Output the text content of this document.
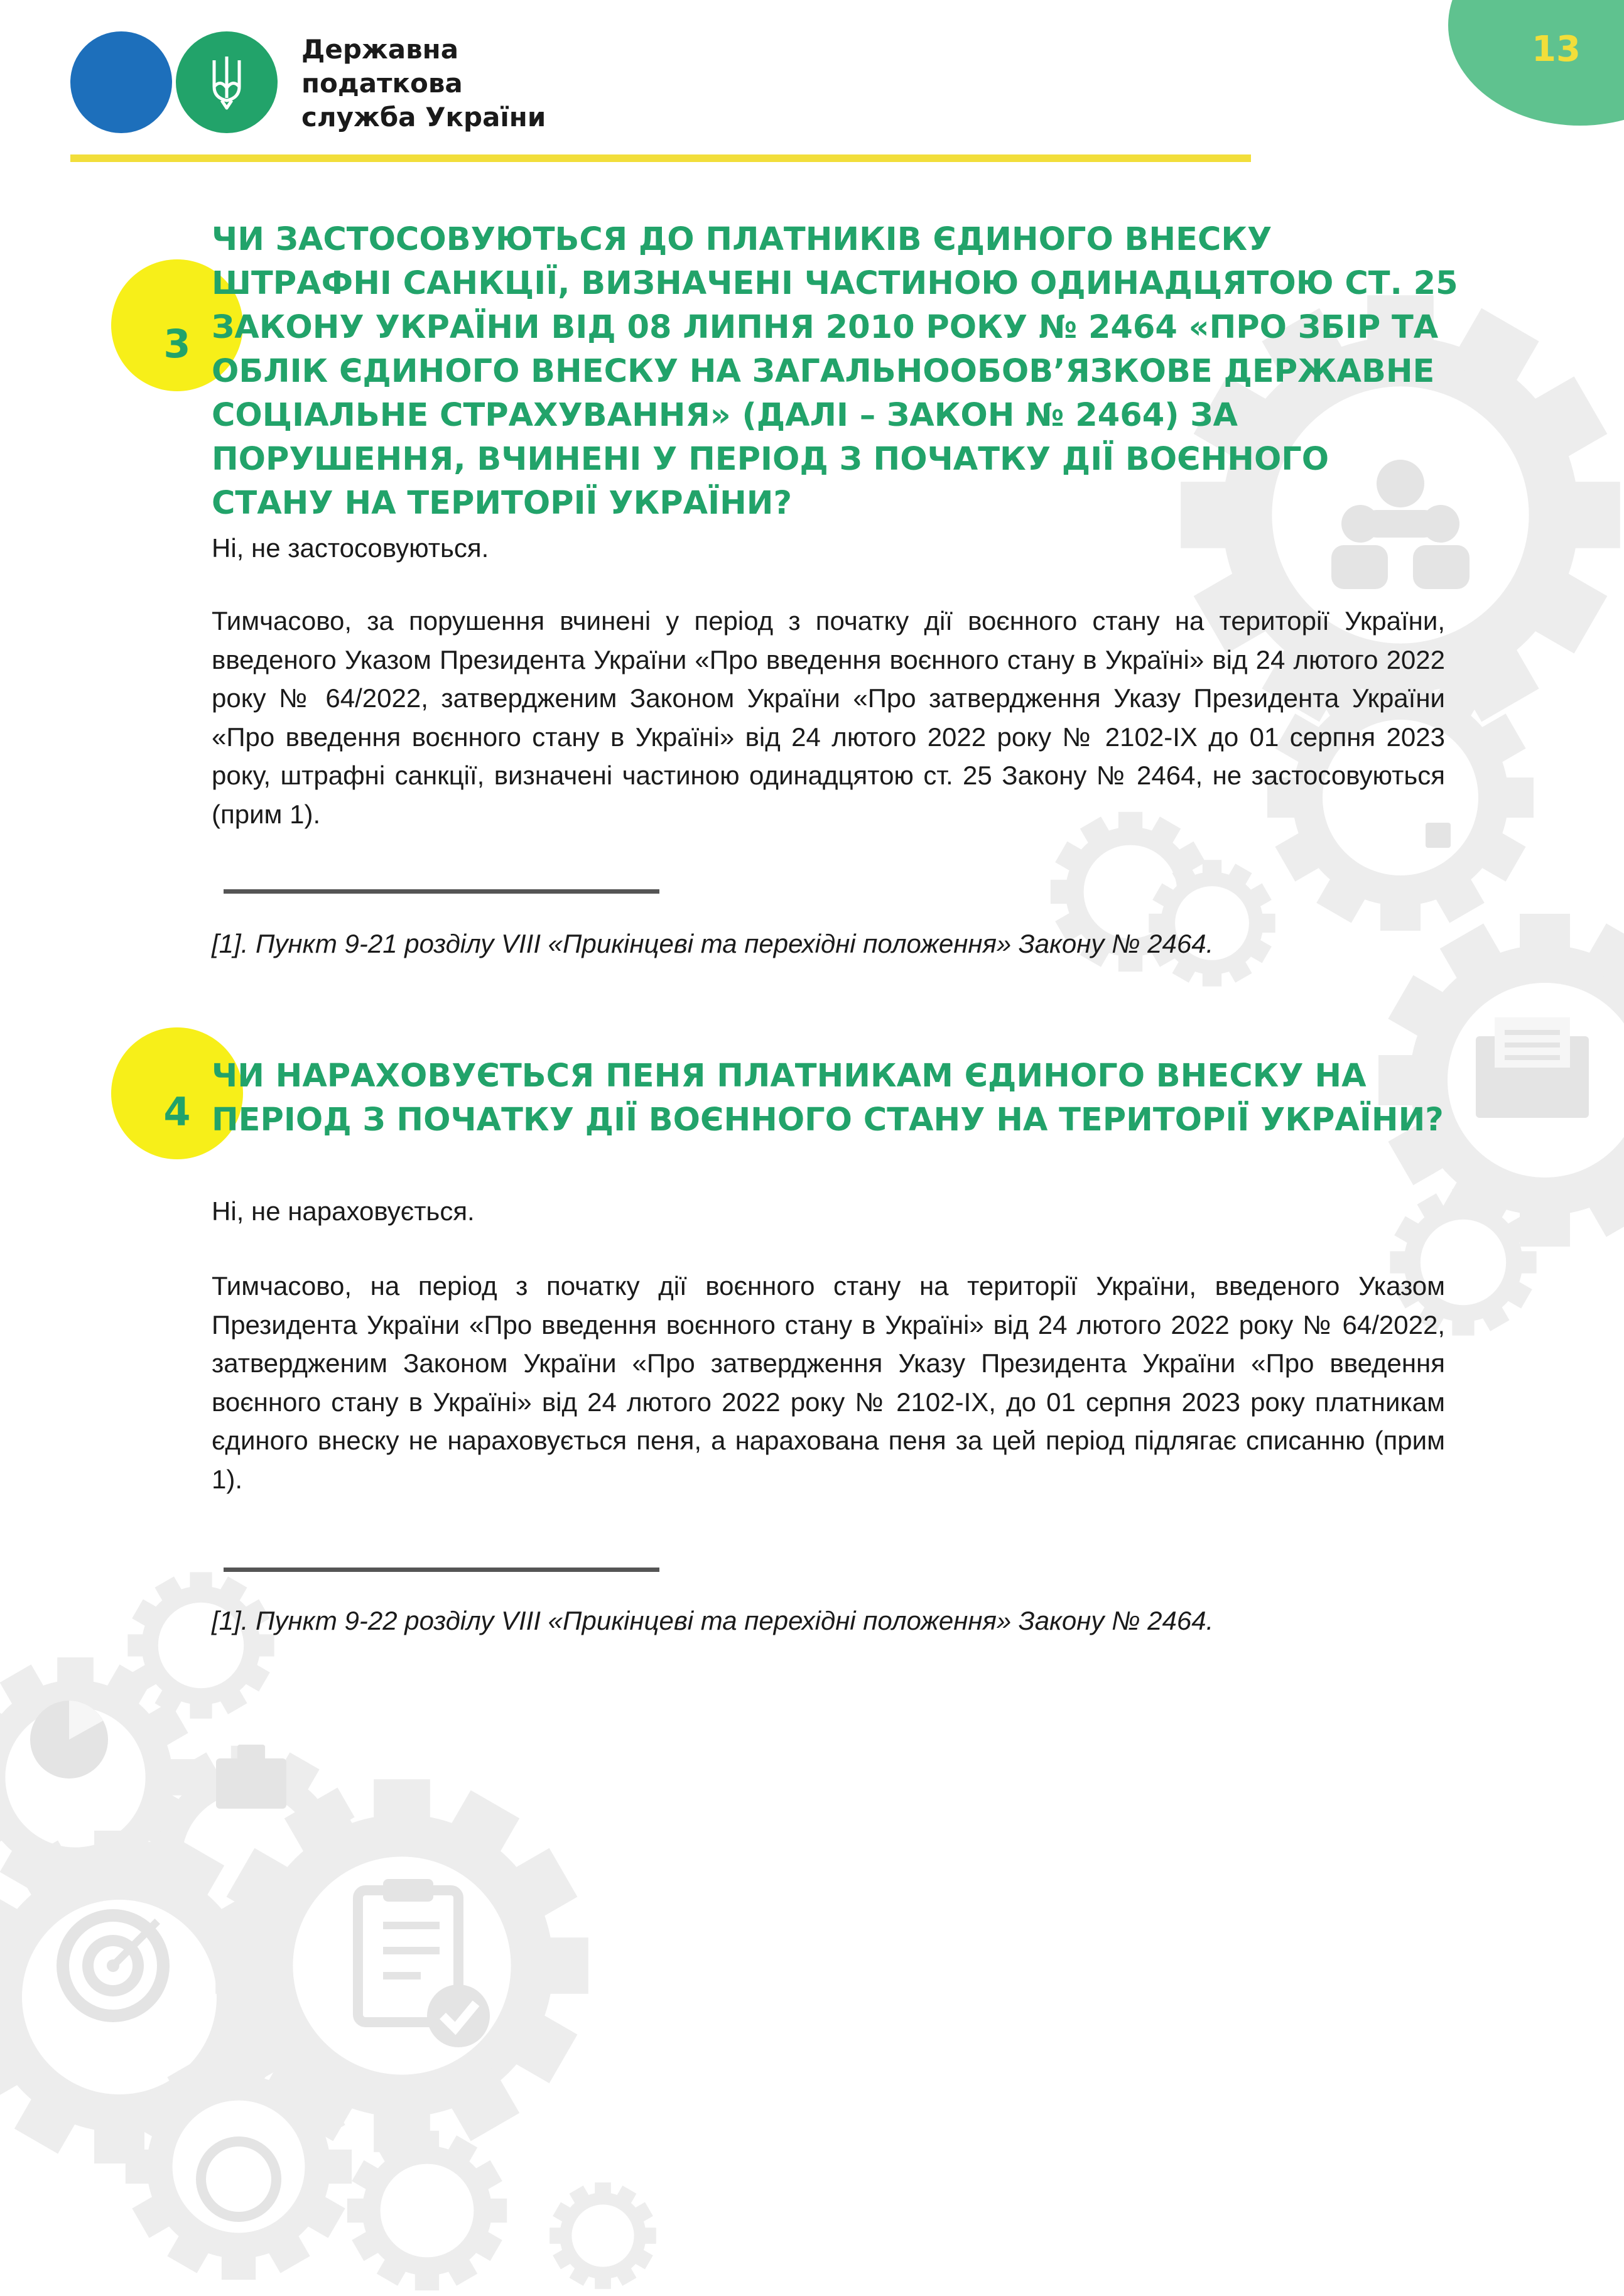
Державна
податкова
служба України
13
3
ЧИ ЗАСТОСОВУЮТЬСЯ ДО ПЛАТНИКІВ ЄДИНОГО ВНЕСКУ ШТРАФНІ САНКЦІЇ, ВИЗНАЧЕНІ ЧАСТИНОЮ ОДИНАДЦЯТОЮ СТ. 25 ЗАКОНУ УКРАЇНИ ВІД 08 ЛИПНЯ 2010 РОКУ № 2464 «ПРО ЗБІР ТА ОБЛІК ЄДИНОГО ВНЕСКУ НА ЗАГАЛЬНООБОВ’ЯЗКОВЕ ДЕРЖАВНЕ СОЦІАЛЬНЕ СТРАХУВАННЯ» (ДАЛІ – ЗАКОН № 2464) ЗА ПОРУШЕННЯ, ВЧИНЕНІ У ПЕРІОД З ПОЧАТКУ ДІЇ ВОЄННОГО СТАНУ НА ТЕРИТОРІЇ УКРАЇНИ?
Ні, не застосовуються.
Тимчасово, за порушення вчинені у період з початку дії воєнного стану на території України, введеного Указом Президента України «Про введення воєнного стану в Україні» від 24 лютого 2022 року № 64/2022, затвердженим Законом України «Про затвердження Указу Президента України «Про введення воєнного стану в Україні» від 24 лютого 2022 року № 2102-IX до 01 серпня 2023 року, штрафні санкції, визначені частиною одинадцятою ст. 25 Закону № 2464, не застосовуються (прим 1).
[1]. Пункт 9-21 розділу VIII «Прикінцеві та перехідні положення» Закону № 2464.
4
ЧИ НАРАХОВУЄТЬСЯ ПЕНЯ ПЛАТНИКАМ ЄДИНОГО ВНЕСКУ НА ПЕРІОД З ПОЧАТКУ ДІЇ ВОЄННОГО СТАНУ НА ТЕРИТОРІЇ УКРАЇНИ?
Ні, не нараховується.
Тимчасово, на період з початку дії воєнного стану на території України, введеного Указом Президента України «Про введення воєнного стану в Україні» від 24 лютого 2022 року № 64/2022, затвердженим Законом України «Про затвердження Указу Президента України «Про введення воєнного стану в Україні» від 24 лютого 2022 року № 2102-IX, до 01 серпня 2023 року платникам єдиного внеску не нараховується пеня, а нарахована пеня за цей період підлягає списанню (прим 1).
[1]. Пункт 9-22 розділу VIII «Прикінцеві та перехідні положення» Закону № 2464.
